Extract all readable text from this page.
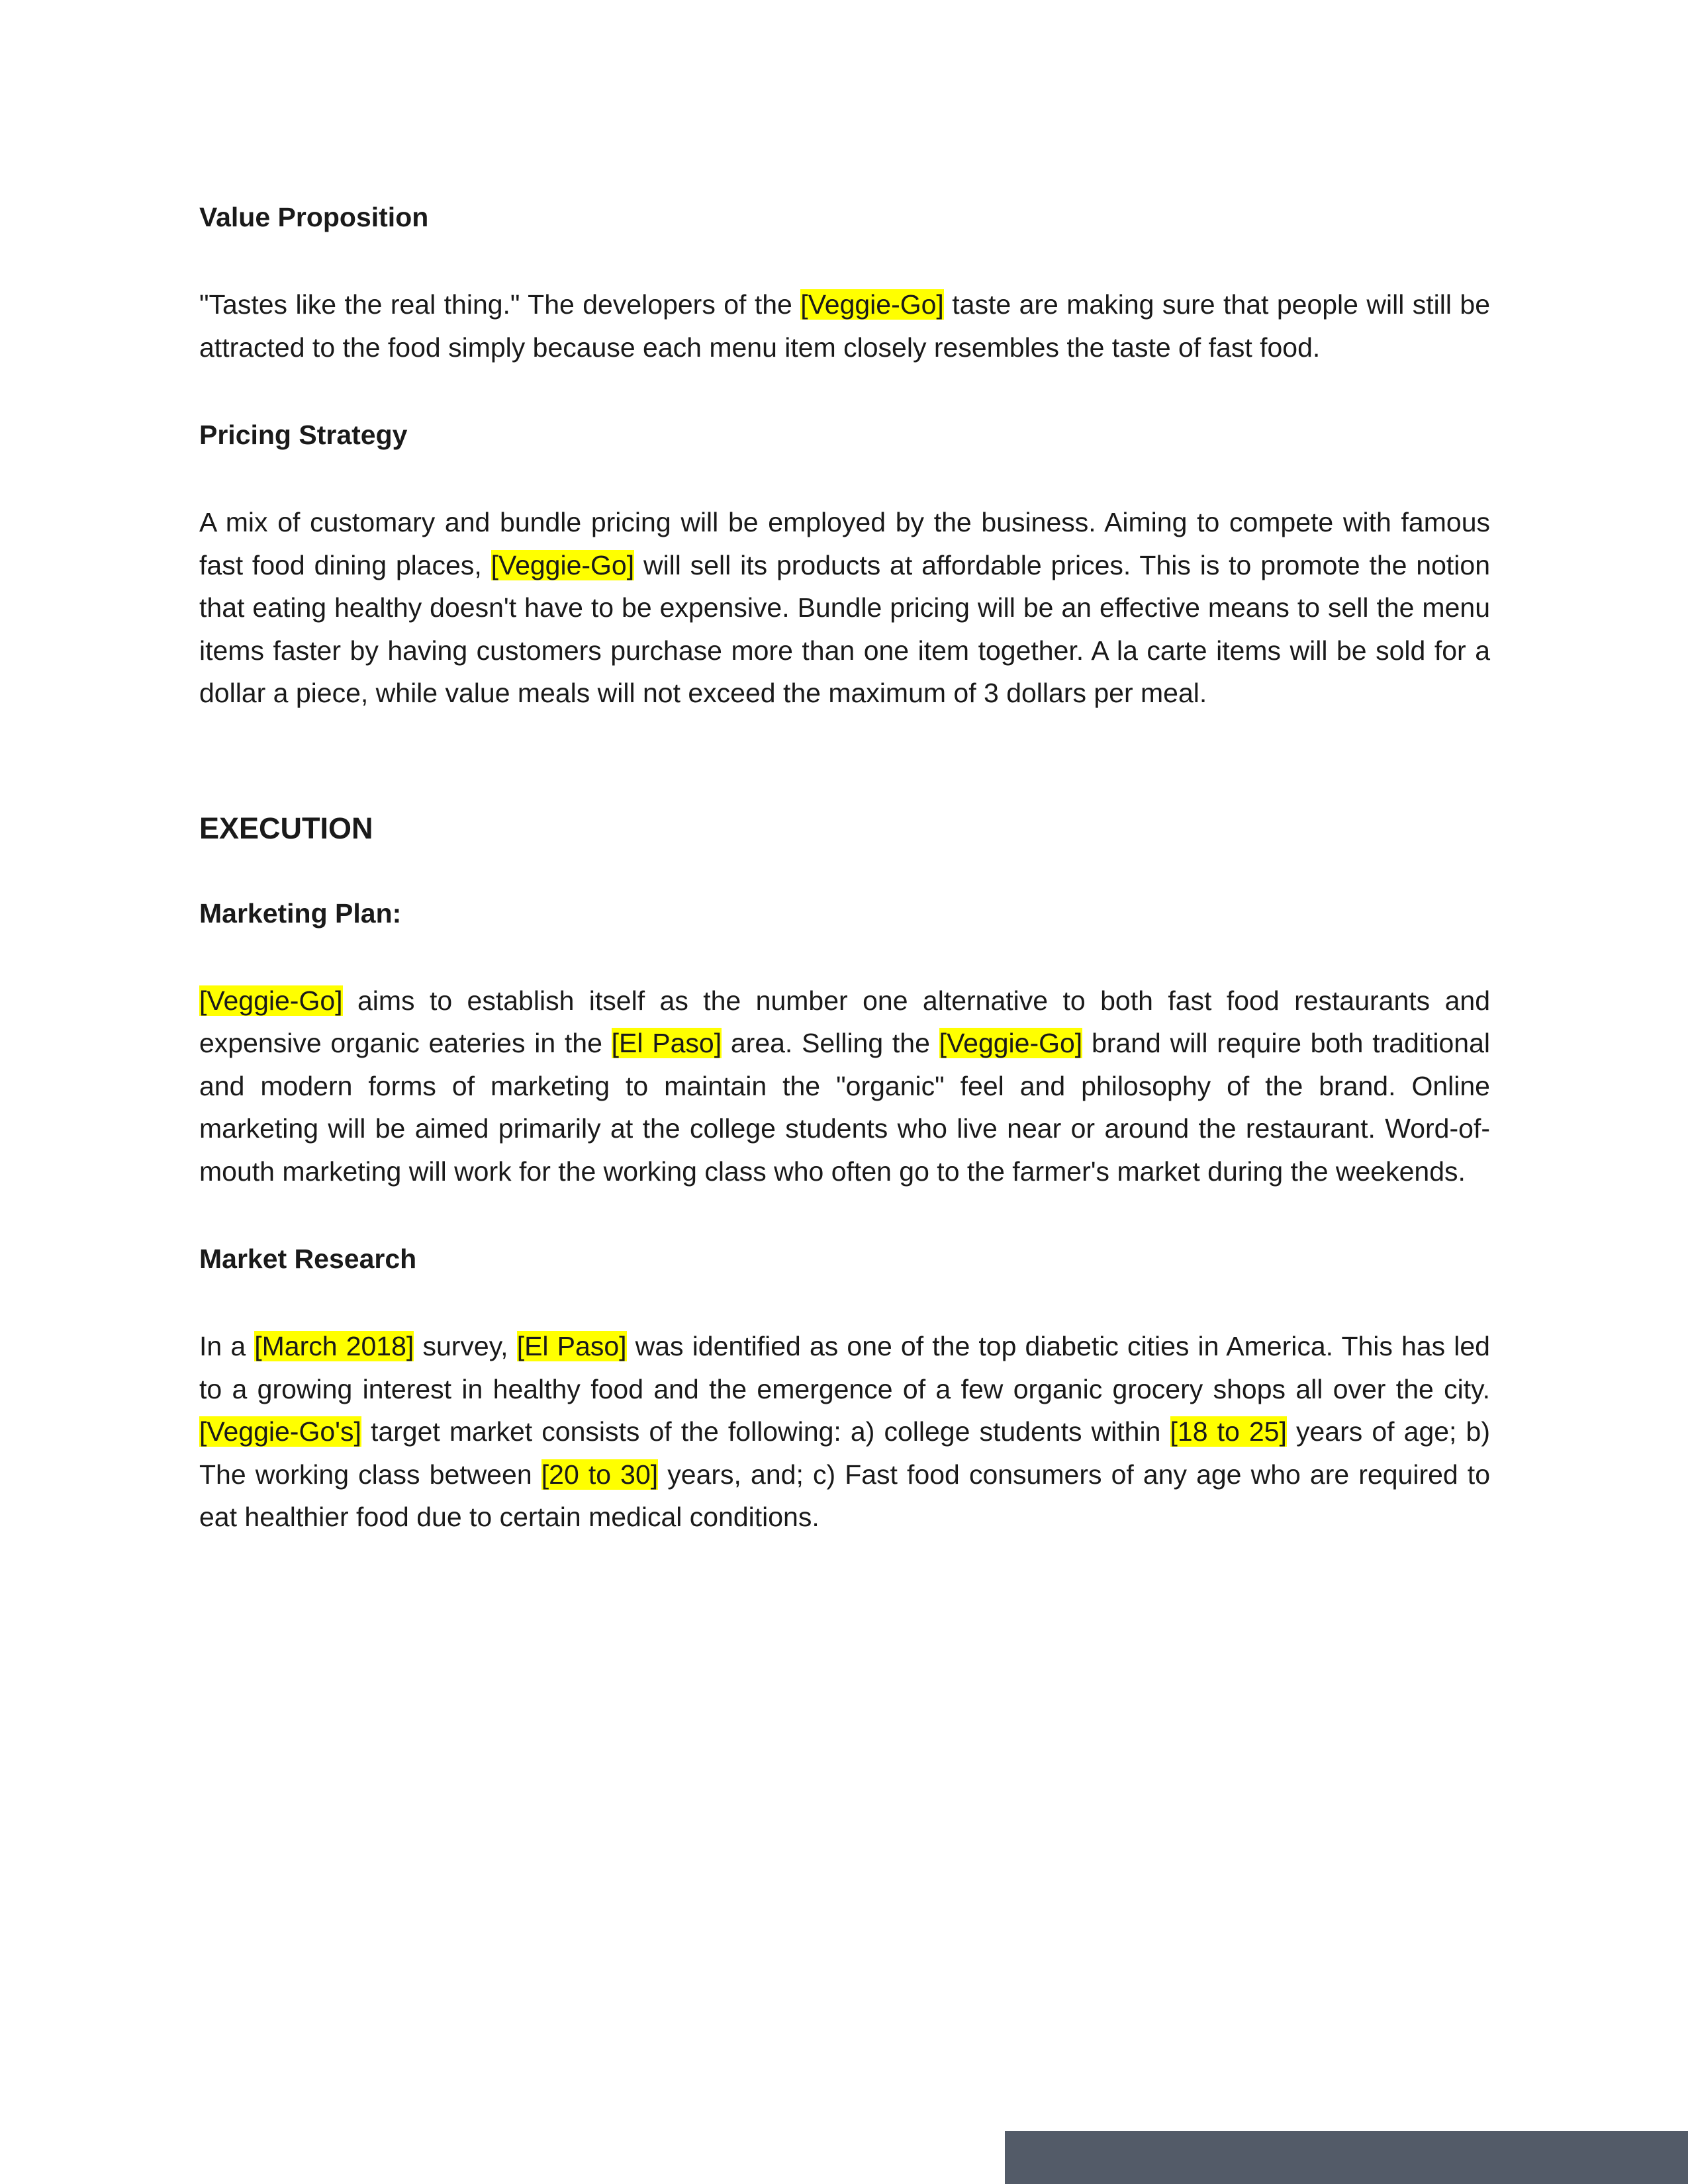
Value Proposition

"Tastes like the real thing." The developers of the [Veggie-Go] taste are making sure that people will still be attracted to the food simply because each menu item closely resembles the taste of fast food.

Pricing Strategy

A mix of customary and bundle pricing will be employed by the business. Aiming to compete with famous fast food dining places, [Veggie-Go] will sell its products at affordable prices. This is to promote the notion that eating healthy doesn't have to be expensive. Bundle pricing will be an effective means to sell the menu items faster by having customers purchase more than one item together. A la carte items will be sold for a dollar a piece, while value meals will not exceed the maximum of 3 dollars per meal.

EXECUTION
Marketing Plan:

[Veggie-Go] aims to establish itself as the number one alternative to both fast food restaurants and expensive organic eateries in the [El Paso] area. Selling the [Veggie-Go] brand will require both traditional and modern forms of marketing to maintain the "organic" feel and philosophy of the brand. Online marketing will be aimed primarily at the college students who live near or around the restaurant. Word-of-mouth marketing will work for the working class who often go to the farmer's market during the weekends.

Market Research

In a [March 2018] survey, [El Paso] was identified as one of the top diabetic cities in America. This has led to a growing interest in healthy food and the emergence of a few organic grocery shops all over the city. [Veggie-Go's] target market consists of the following: a) college students within [18 to 25] years of age; b) The working class between [20 to 30] years, and; c) Fast food consumers of any age who are required to eat healthier food due to certain medical conditions.
